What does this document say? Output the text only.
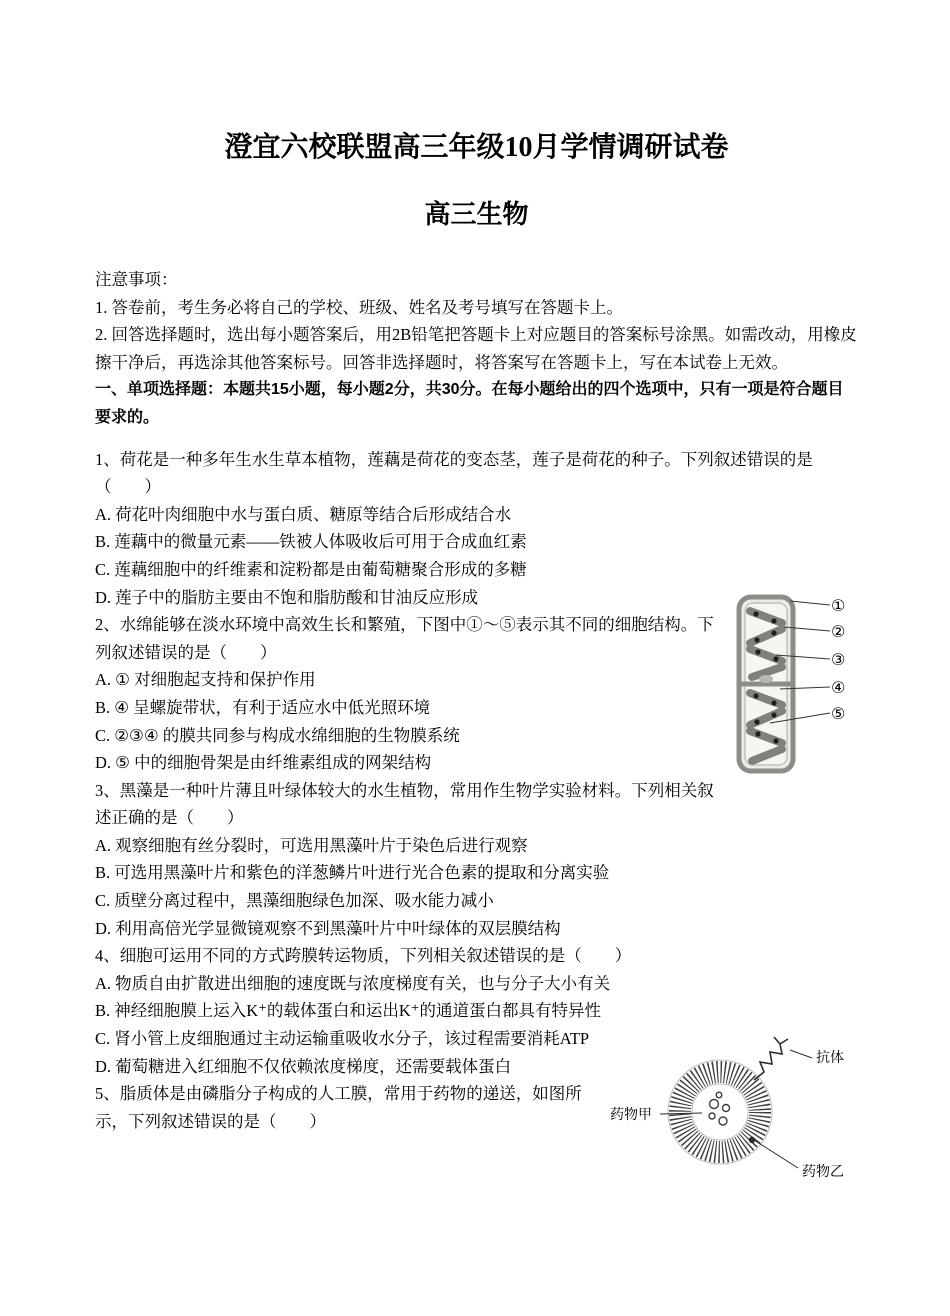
澄宜六校联盟高三年级10月学情调研试卷
高三生物

注意事项：

1. 答卷前，考生务必将自己的学校、班级、姓名及考号填写在答题卡上。

2. 回答选择题时，选出每小题答案后，用2B铅笔把答题卡上对应题目的答案标号涂黑。如需改动，用橡皮擦干净后，再选涂其他答案标号。回答非选择题时，将答案写在答题卡上，写在本试卷上无效。

一、单项选择题：本题共15小题，每小题2分，共30分。在每小题给出的四个选项中，只有一项是符合题目要求的。

1、荷花是一种多年生水生草本植物，莲藕是荷花的变态茎，莲子是荷花的种子。下列叙述错误的是（　　）

A. 荷花叶肉细胞中水与蛋白质、糖原等结合后形成结合水

B. 莲藕中的微量元素——铁被人体吸收后可用于合成血红素

C. 莲藕细胞中的纤维素和淀粉都是由葡萄糖聚合形成的多糖

D. 莲子中的脂肪主要由不饱和脂肪酸和甘油反应形成	①
②
③
④
⑤

2、水绵能够在淡水环境中高效生长和繁殖，下图中①～⑤表示其不同的细胞结构。下列叙述错误的是（　　）

A. ① 对细胞起支持和保护作用

B. ④ 呈螺旋带状，有利于适应水中低光照环境

C. ②③④ 的膜共同参与构成水绵细胞的生物膜系统

D. ⑤ 中的细胞骨架是由纤维素组成的网架结构

3、黑藻是一种叶片薄且叶绿体较大的水生植物，常用作生物学实验材料。下列相关叙述正确的是（　　）

A. 观察细胞有丝分裂时，可选用黑藻叶片于染色后进行观察

B. 可选用黑藻叶片和紫色的洋葱鳞片叶进行光合色素的提取和分离实验

C. 质壁分离过程中，黑藻细胞绿色加深、吸水能力减小

D. 利用高倍光学显微镜观察不到黑藻叶片中叶绿体的双层膜结构

4、细胞可运用不同的方式跨膜转运物质，下列相关叙述错误的是（　　）

A. 物质自由扩散进出细胞的速度既与浓度梯度有关，也与分子大小有关

B. 神经细胞膜上运入K⁺的载体蛋白和运出K⁺的通道蛋白都具有特异性

C. 肾小管上皮细胞通过主动运输重吸收水分子，该过程需要消耗ATP

D. 葡萄糖进入红细胞不仅依赖浓度梯度，还需要载体蛋白

药物甲
抗体
药物乙

5、脂质体是由磷脂分子构成的人工膜，常用于药物的递送，如图所示，下列叙述错误的是（　　）
